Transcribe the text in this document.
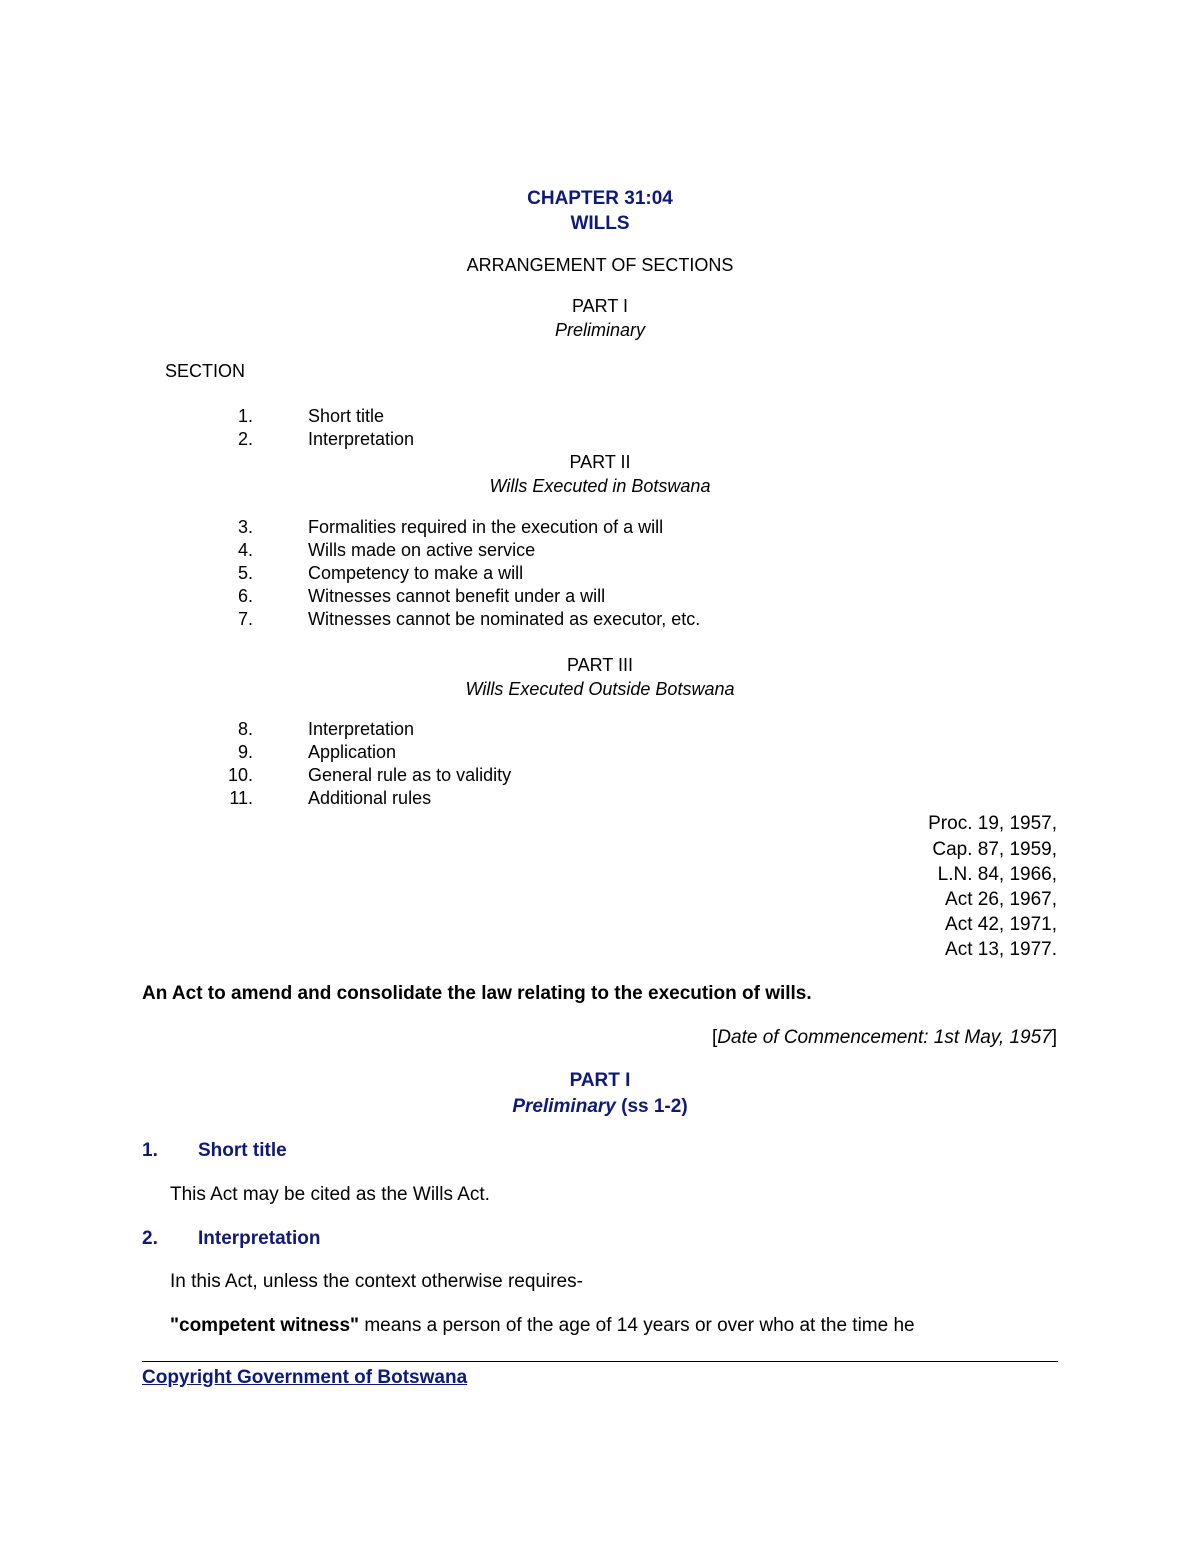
CHAPTER 31:04
WILLS
ARRANGEMENT OF SECTIONS
PART I
Preliminary
SECTION
1.	Short title
2.	Interpretation
PART II
Wills Executed in Botswana
3.	Formalities required in the execution of a will
4.	Wills made on active service
5.	Competency to make a will
6.	Witnesses cannot benefit under a will
7.	Witnesses cannot be nominated as executor, etc.
PART III
Wills Executed Outside Botswana
8.	Interpretation
9.	Application
10.	General rule as to validity
11.	Additional rules
Proc. 19, 1957,
Cap. 87, 1959,
L.N. 84, 1966,
Act 26, 1967,
Act 42, 1971,
Act 13, 1977.
An Act to amend and consolidate the law relating to the execution of wills.
[Date of Commencement: 1st May, 1957]
PART I
Preliminary (ss 1-2)
1. Short title
This Act may be cited as the Wills Act.
2. Interpretation
In this Act, unless the context otherwise requires-
"competent witness" means a person of the age of 14 years or over who at the time he
Copyright Government of Botswana
